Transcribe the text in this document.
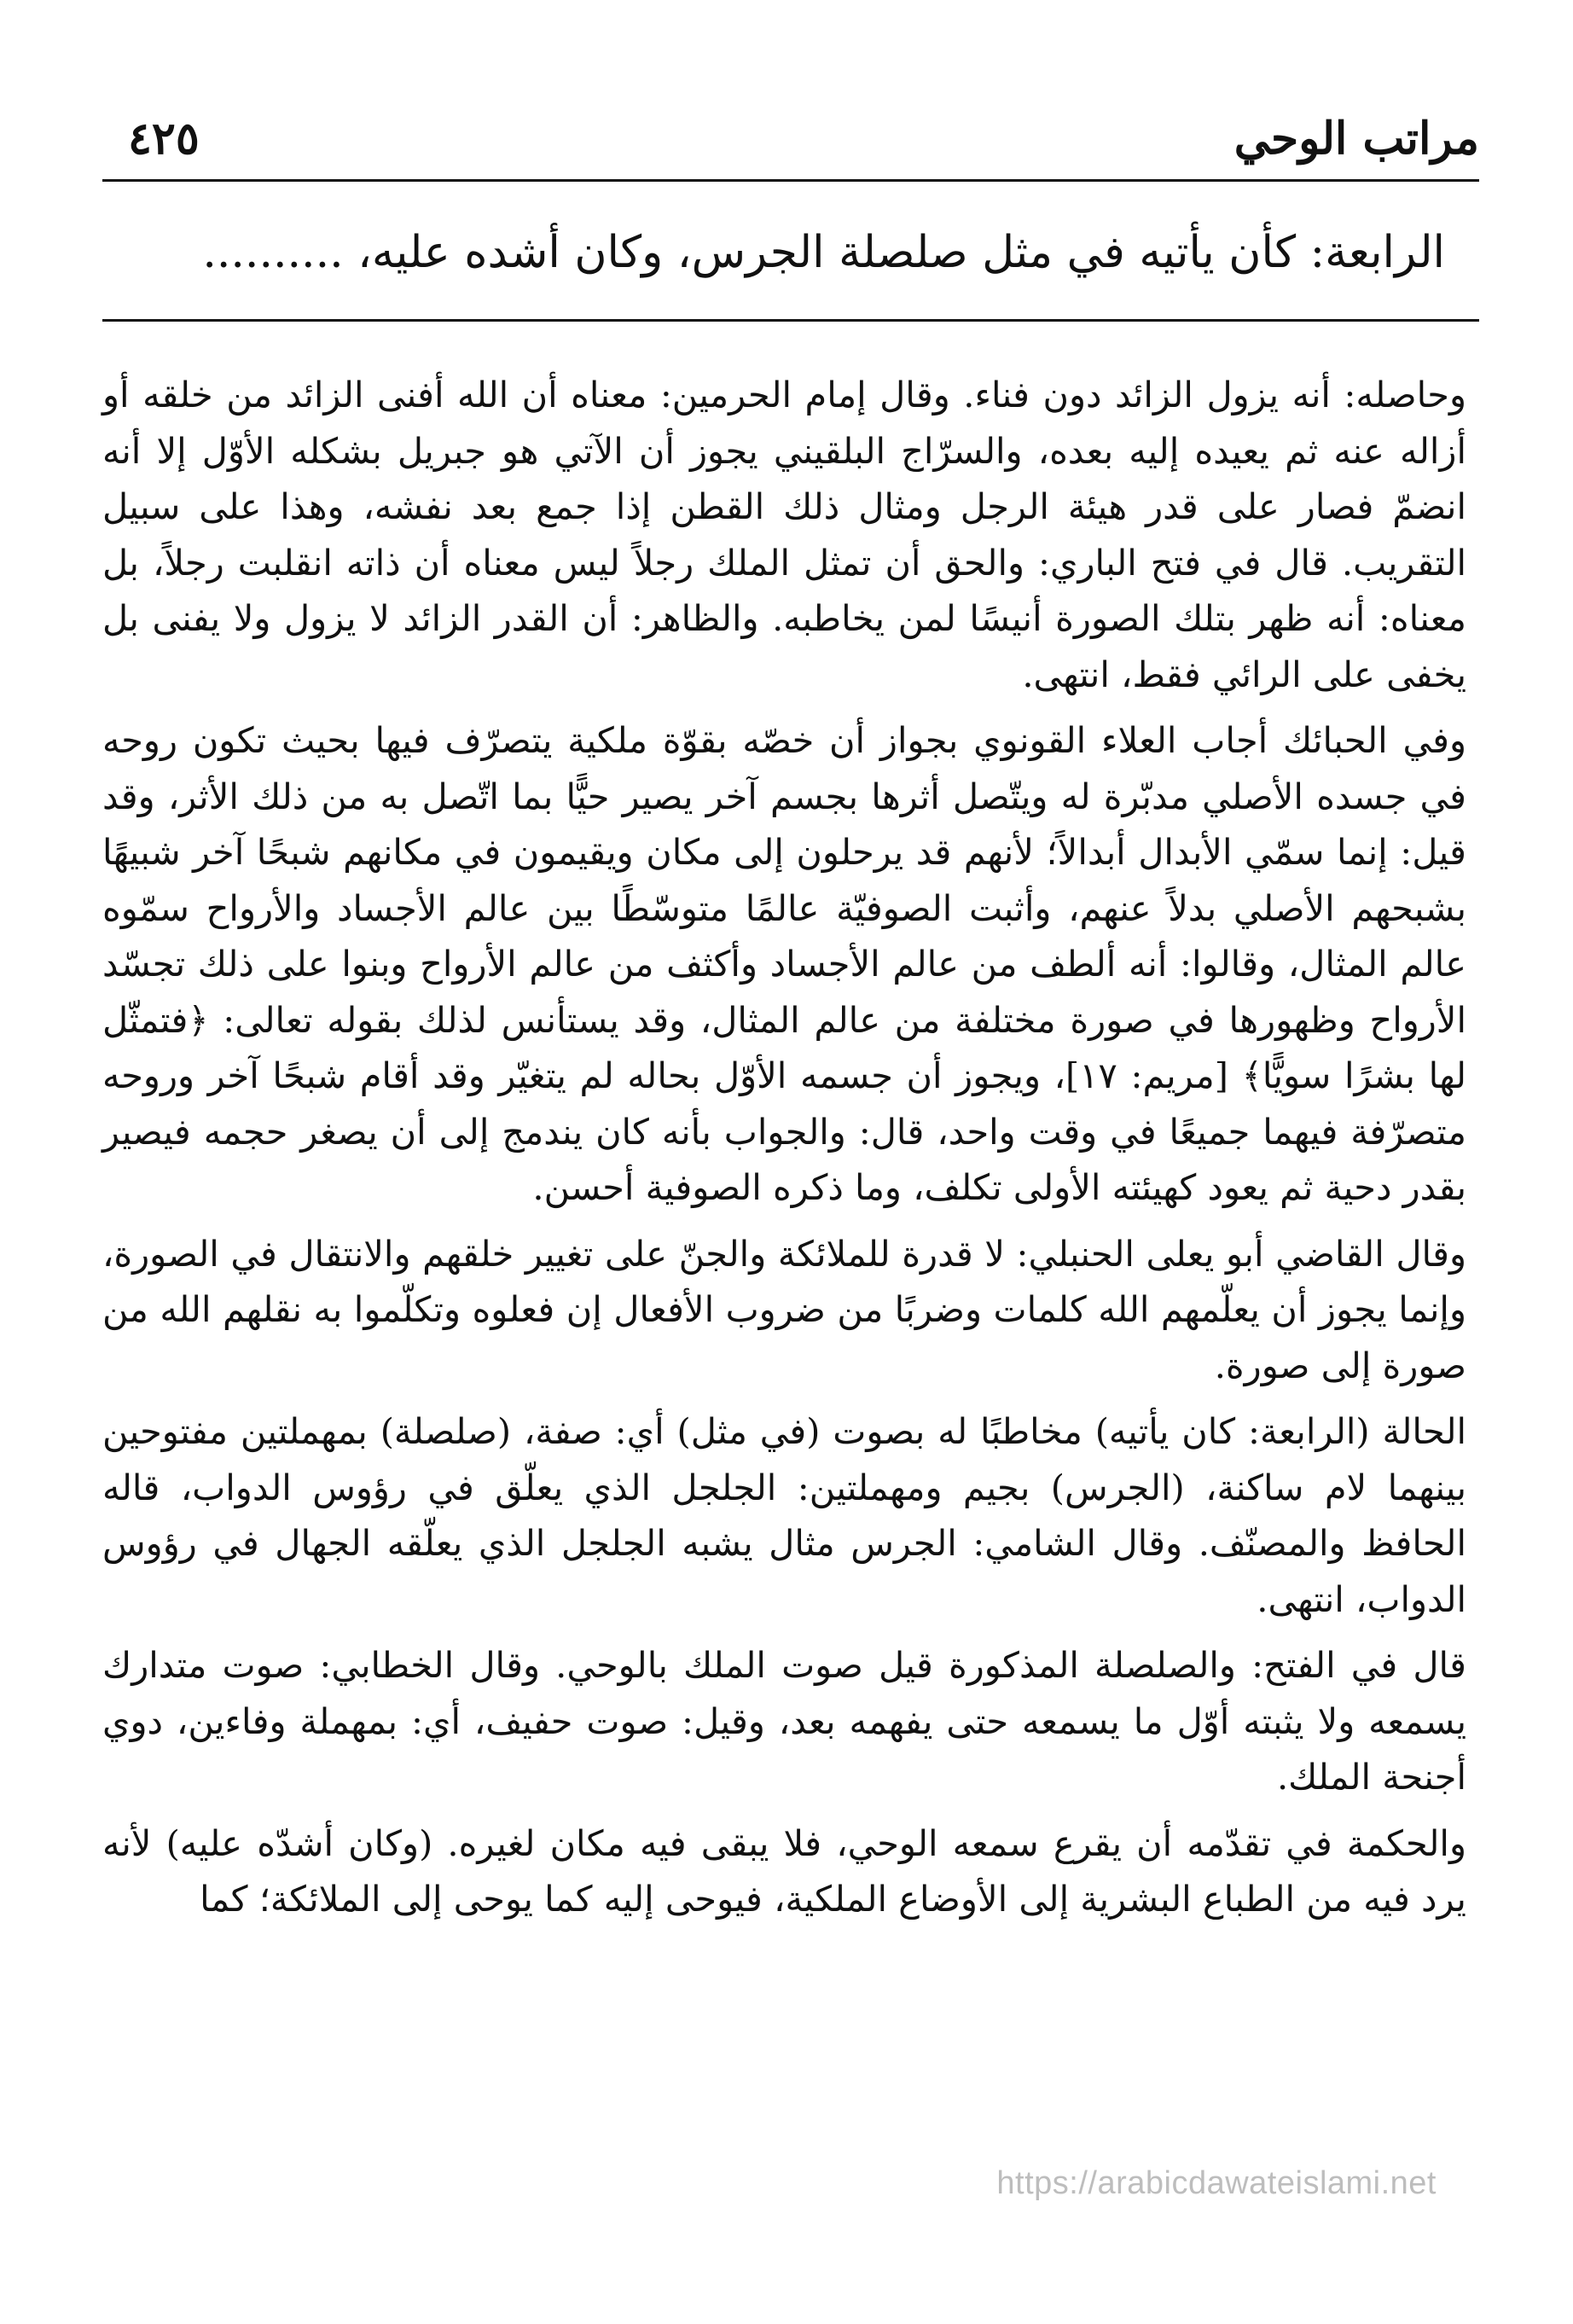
مراتب الوحي
٤٢٥
الرابعة: كأن يأتيه في مثل صلصلة الجرس، وكان أشده عليه، ..........

وحاصله: أنه يزول الزائد دون فناء. وقال إمام الحرمين: معناه أن الله أفنى الزائد من خلقه أو أزاله عنه ثم يعيده إليه بعده، والسرّاج البلقيني يجوز أن الآتي هو جبريل بشكله الأوّل إلا أنه انضمّ فصار على قدر هيئة الرجل ومثال ذلك القطن إذا جمع بعد نفشه، وهذا على سبيل التقريب. قال في فتح الباري: والحق أن تمثل الملك رجلاً ليس معناه أن ذاته انقلبت رجلاً، بل معناه: أنه ظهر بتلك الصورة أنيسًا لمن يخاطبه. والظاهر: أن القدر الزائد لا يزول ولا يفنى بل يخفى على الرائي فقط، انتهى.

وفي الحبائك أجاب العلاء القونوي بجواز أن خصّه بقوّة ملكية يتصرّف فيها بحيث تكون روحه في جسده الأصلي مدبّرة له ويتّصل أثرها بجسم آخر يصير حيًّا بما اتّصل به من ذلك الأثر، وقد قيل: إنما سمّي الأبدال أبدالاً؛ لأنهم قد يرحلون إلى مكان ويقيمون في مكانهم شبحًا آخر شبيهًا بشبحهم الأصلي بدلاً عنهم، وأثبت الصوفيّة عالمًا متوسّطًا بين عالم الأجساد والأرواح سمّوه عالم المثال، وقالوا: أنه ألطف من عالم الأجساد وأكثف من عالم الأرواح وبنوا على ذلك تجسّد الأرواح وظهورها في صورة مختلفة من عالم المثال، وقد يستأنس لذلك بقوله تعالى: ﴿فتمثّل لها بشرًا سويًّا﴾ [مريم: ١٧]، ويجوز أن جسمه الأوّل بحاله لم يتغيّر وقد أقام شبحًا آخر وروحه متصرّفة فيهما جميعًا في وقت واحد، قال: والجواب بأنه كان يندمج إلى أن يصغر حجمه فيصير بقدر دحية ثم يعود كهيئته الأولى تكلف، وما ذكره الصوفية أحسن.

وقال القاضي أبو يعلى الحنبلي: لا قدرة للملائكة والجنّ على تغيير خلقهم والانتقال في الصورة، وإنما يجوز أن يعلّمهم الله كلمات وضربًا من ضروب الأفعال إن فعلوه وتكلّموا به نقلهم الله من صورة إلى صورة.

الحالة (الرابعة: كان يأتيه) مخاطبًا له بصوت (في مثل) أي: صفة، (صلصلة) بمهملتين مفتوحين بينهما لام ساكنة، (الجرس) بجيم ومهملتين: الجلجل الذي يعلّق في رؤوس الدواب، قاله الحافظ والمصنّف. وقال الشامي: الجرس مثال يشبه الجلجل الذي يعلّقه الجهال في رؤوس الدواب، انتهى.

قال في الفتح: والصلصلة المذكورة قيل صوت الملك بالوحي. وقال الخطابي: صوت متدارك يسمعه ولا يثبته أوّل ما يسمعه حتى يفهمه بعد، وقيل: صوت حفيف، أي: بمهملة وفاءين، دوي أجنحة الملك.

والحكمة في تقدّمه أن يقرع سمعه الوحي، فلا يبقى فيه مكان لغيره. (وكان أشدّه عليه) لأنه يرد فيه من الطباع البشرية إلى الأوضاع الملكية، فيوحى إليه كما يوحى إلى الملائكة؛ كما

https://arabicdawateislami.net
